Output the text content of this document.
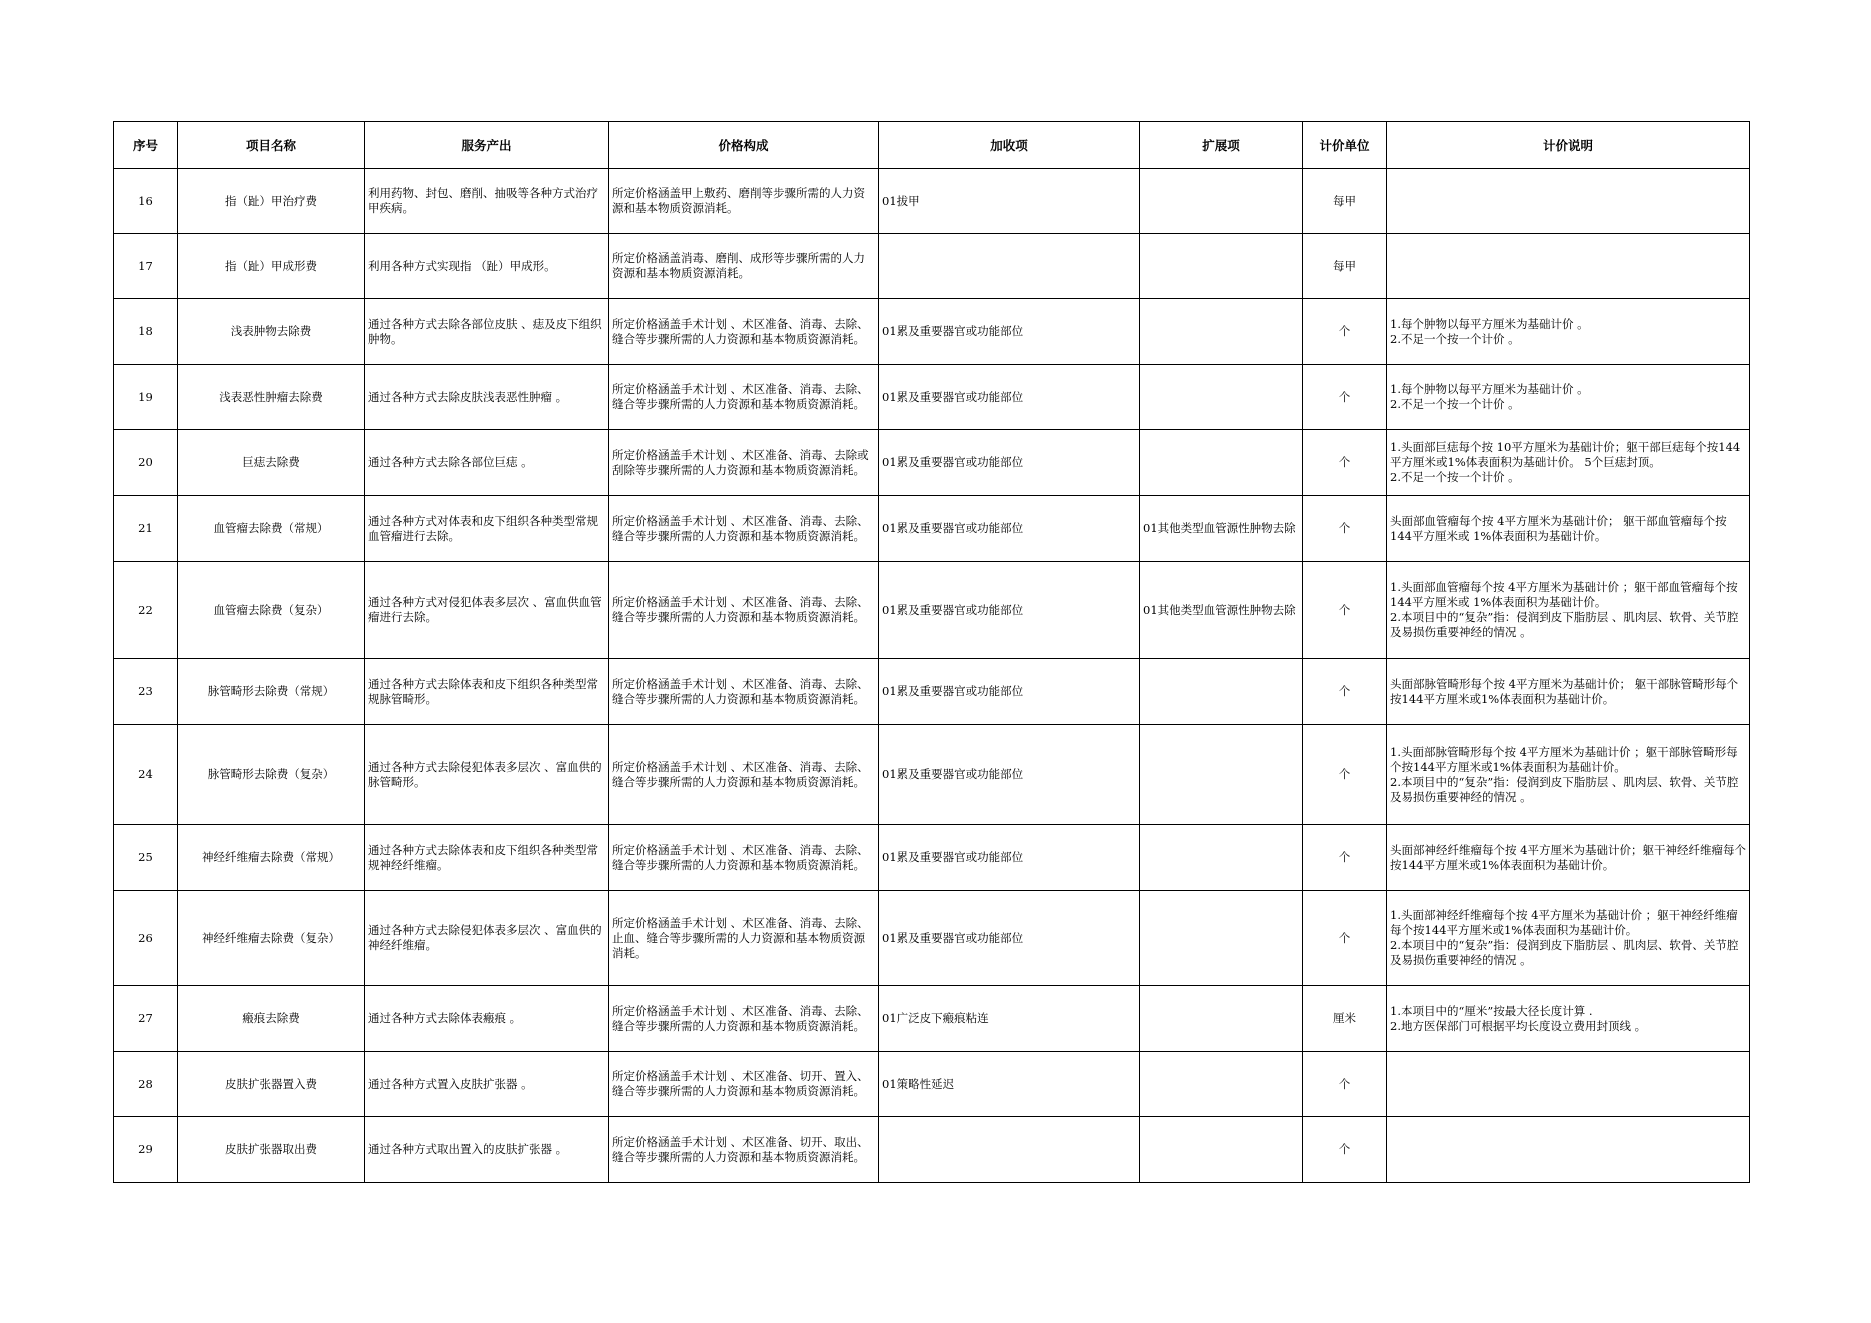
序号	项目名称	服务产出	价格构成	加收项	扩展项	计价单位	计价说明
16	指（趾）甲治疗费	利用药物、封包、磨削、抽吸等各种方式治疗甲疾病。	所定价格涵盖甲上敷药、磨削等步骤所需的人力资源和基本物质资源消耗。	01拔甲		每甲	
17	指（趾）甲成形费	利用各种方式实现指 （趾）甲成形。	所定价格涵盖消毒、磨削、成形等步骤所需的人力资源和基本物质资源消耗。			每甲	
18	浅表肿物去除费	通过各种方式去除各部位皮肤 、痣及皮下组织肿物。	所定价格涵盖手术计划 、术区准备、消毒、去除、缝合等步骤所需的人力资源和基本物质资源消耗。	01累及重要器官或功能部位		个	1.每个肿物以每平方厘米为基础计价 。
2.不足一个按一个计价 。
19	浅表恶性肿瘤去除费	通过各种方式去除皮肤浅表恶性肿瘤 。	所定价格涵盖手术计划 、术区准备、消毒、去除、缝合等步骤所需的人力资源和基本物质资源消耗。	01累及重要器官或功能部位		个	1.每个肿物以每平方厘米为基础计价 。
2.不足一个按一个计价 。
20	巨痣去除费	通过各种方式去除各部位巨痣 。	所定价格涵盖手术计划 、术区准备、消毒、去除或刮除等步骤所需的人力资源和基本物质资源消耗。	01累及重要器官或功能部位		个	1.头面部巨痣每个按 10平方厘米为基础计价；躯干部巨痣每个按144平方厘米或1%体表面积为基础计价。 5个巨痣封顶。
2.不足一个按一个计价 。
21	血管瘤去除费（常规）	通过各种方式对体表和皮下组织各种类型常规血管瘤进行去除。	所定价格涵盖手术计划 、术区准备、消毒、去除、缝合等步骤所需的人力资源和基本物质资源消耗。	01累及重要器官或功能部位	01其他类型血管源性肿物去除	个	头面部血管瘤每个按 4平方厘米为基础计价； 躯干部血管瘤每个按144平方厘米或 1%体表面积为基础计价。
22	血管瘤去除费（复杂）	通过各种方式对侵犯体表多层次 、富血供血管瘤进行去除。	所定价格涵盖手术计划 、术区准备、消毒、去除、缝合等步骤所需的人力资源和基本物质资源消耗。	01累及重要器官或功能部位	01其他类型血管源性肿物去除	个	1.头面部血管瘤每个按 4平方厘米为基础计价 ；躯干部血管瘤每个按144平方厘米或 1%体表面积为基础计价。
2.本项目中的“复杂”指：侵润到皮下脂肪层 、肌肉层、软骨、关节腔及易损伤重要神经的情况 。
23	脉管畸形去除费（常规）	通过各种方式去除体表和皮下组织各种类型常规脉管畸形。	所定价格涵盖手术计划 、术区准备、消毒、去除、缝合等步骤所需的人力资源和基本物质资源消耗。	01累及重要器官或功能部位		个	头面部脉管畸形每个按 4平方厘米为基础计价； 躯干部脉管畸形每个按144平方厘米或1%体表面积为基础计价。
24	脉管畸形去除费（复杂）	通过各种方式去除侵犯体表多层次 、富血供的脉管畸形。	所定价格涵盖手术计划 、术区准备、消毒、去除、缝合等步骤所需的人力资源和基本物质资源消耗。	01累及重要器官或功能部位		个	1.头面部脉管畸形每个按 4平方厘米为基础计价 ；躯干部脉管畸形每个按144平方厘米或1%体表面积为基础计价。
2.本项目中的“复杂”指：侵润到皮下脂肪层 、肌肉层、软骨、关节腔及易损伤重要神经的情况 。
25	神经纤维瘤去除费（常规）	通过各种方式去除体表和皮下组织各种类型常规神经纤维瘤。	所定价格涵盖手术计划 、术区准备、消毒、去除、缝合等步骤所需的人力资源和基本物质资源消耗。	01累及重要器官或功能部位		个	头面部神经纤维瘤每个按 4平方厘米为基础计价；躯干神经纤维瘤每个按144平方厘米或1%体表面积为基础计价。
26	神经纤维瘤去除费（复杂）	通过各种方式去除侵犯体表多层次 、富血供的神经纤维瘤。	所定价格涵盖手术计划 、术区准备、消毒、去除、止血、缝合等步骤所需的人力资源和基本物质资源消耗。	01累及重要器官或功能部位		个	1.头面部神经纤维瘤每个按 4平方厘米为基础计价 ；躯干神经纤维瘤每个按144平方厘米或1%体表面积为基础计价。
2.本项目中的“复杂”指：侵润到皮下脂肪层 、肌肉层、软骨、关节腔及易损伤重要神经的情况 。
27	瘢痕去除费	通过各种方式去除体表瘢痕 。	所定价格涵盖手术计划 、术区准备、消毒、去除、缝合等步骤所需的人力资源和基本物质资源消耗。	01广泛皮下瘢痕粘连		厘米	1.本项目中的“厘米”按最大径长度计算 .
2.地方医保部门可根据平均长度设立费用封顶线 。
28	皮肤扩张器置入费	通过各种方式置入皮肤扩张器 。	所定价格涵盖手术计划 、术区准备、切开、置入、缝合等步骤所需的人力资源和基本物质资源消耗。	01策略性延迟		个	
29	皮肤扩张器取出费	通过各种方式取出置入的皮肤扩张器 。	所定价格涵盖手术计划 、术区准备、切开、取出、缝合等步骤所需的人力资源和基本物质资源消耗。			个	
